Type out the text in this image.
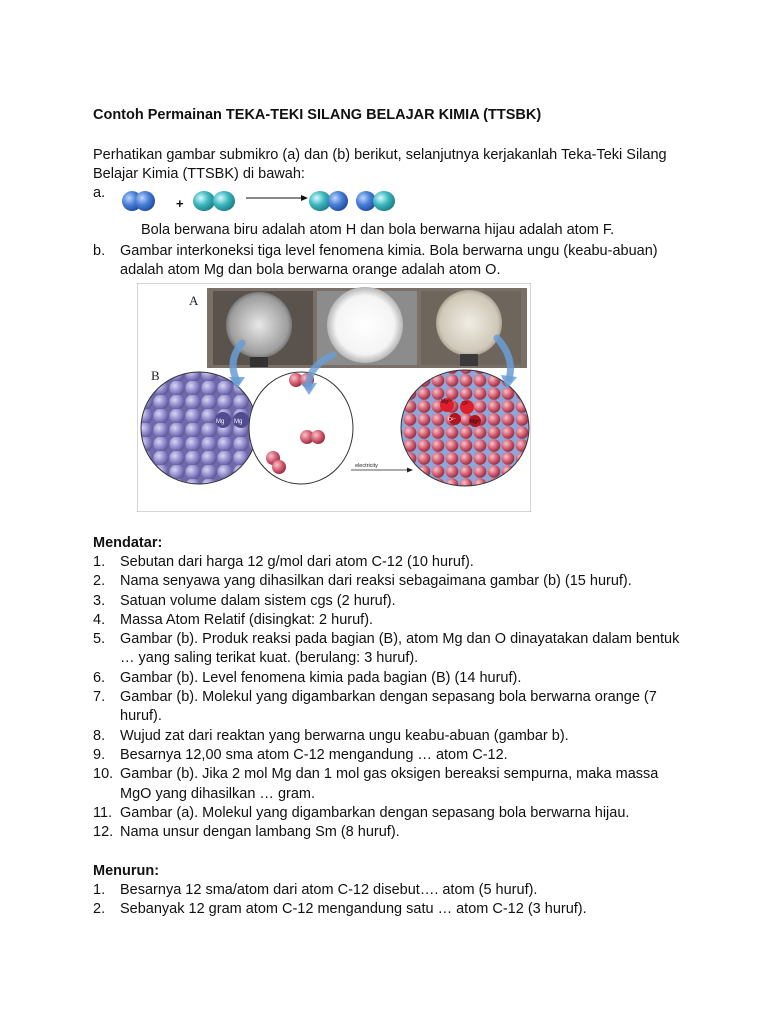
Contoh Permainan TEKA-TEKI SILANG BELAJAR KIMIA (TTSBK)
Perhatikan gambar submikro (a) dan (b) berikut, selanjutnya kerjakanlah Teka-Teki Silang Belajar Kimia (TTSBK) di bawah:
a.
+
Bola berwana biru adalah atom H dan bola berwarna hijau adalah atom F.
b. Gambar interkoneksi tiga level fenomena kimia. Bola berwarna ungu (keabu-abuan) adalah atom Mg dan bola berwarna orange adalah atom O.
A
B
Mg Mg
Mg²⁺ O²⁻
O²⁻	Mg²⁺
electricity
Mendatar:
1. Sebutan dari harga 12 g/mol dari atom C-12 (10 huruf).
2. Nama senyawa yang dihasilkan dari reaksi sebagaimana gambar (b) (15 huruf).
3. Satuan volume dalam sistem cgs (2 huruf).
4. Massa Atom Relatif (disingkat: 2 huruf).
5. Gambar (b). Produk reaksi pada bagian (B), atom Mg dan O dinayatakan dalam bentuk … yang saling terikat kuat. (berulang: 3 huruf).
6. Gambar (b). Level fenomena kimia pada bagian (B) (14 huruf).
7. Gambar (b). Molekul yang digambarkan dengan sepasang bola berwarna orange (7 huruf).
8. Wujud zat dari reaktan yang berwarna ungu keabu-abuan (gambar b).
9. Besarnya 12,00 sma atom C-12 mengandung … atom C-12.
10. Gambar (b). Jika 2 mol Mg dan 1 mol gas oksigen bereaksi sempurna, maka massa MgO yang dihasilkan … gram.
11. Gambar (a). Molekul yang digambarkan dengan sepasang bola berwarna hijau.
12. Nama unsur dengan lambang Sm (8 huruf).
Menurun:
1. Besarnya 12 sma/atom dari atom C-12 disebut…. atom (5 huruf).
2. Sebanyak 12 gram atom C-12 mengandung satu … atom C-12 (3 huruf).
